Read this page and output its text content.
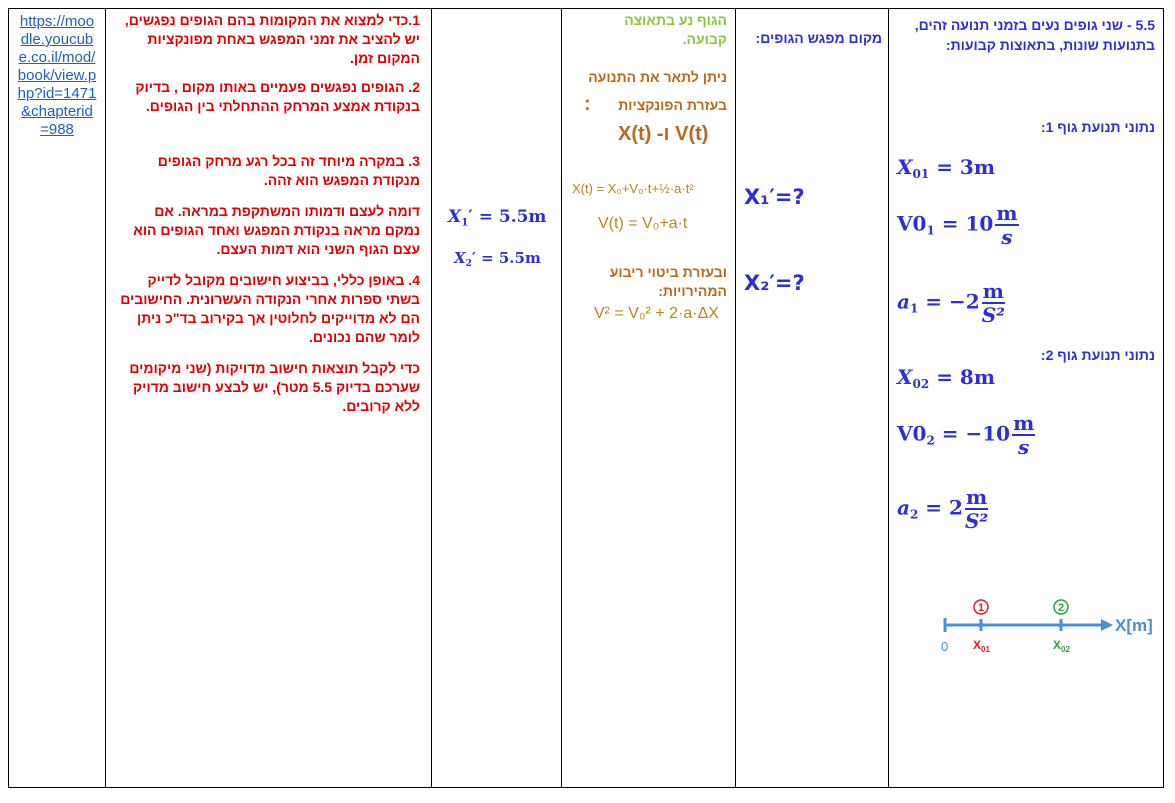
https://moodle.youcube.co.il/mod/book/view.php?id=1471&chapterid=988

1.כדי למצוא את המקומות בהם הגופים נפגשים, יש להציב את זמני המפגש באחת מפונקציות המקום זמן.

2. הגופים נפגשים פעמיים באותו מקום , בדיוק בנקודת אמצע המרחק ההתחלתי בין הגופים.

3. במקרה מיוחד זה בכל רגע מרחק הגופים מנקודת המפגש הוא זהה.

דומה לעצם ודמותו המשתקפת במראה. אם נמקם מראה בנקודת המפגש ואחד הגופים הוא עצם הגוף השני הוא דמות העצם.

4. באופן כללי, בביצוע חישובים מקובל לדייק בשתי ספרות אחרי הנקודה העשרונית. החישובים הם לא מדוייקים לחלוטין אך בקירוב בד"כ ניתן לומר שהם נכונים.

כדי לקבל תוצאות חישוב מדויקות (שני מיקומים שערכם בדיוק 5.5 מטר), יש לבצע חישוב מדויק ללא קרובים.

$X_1' = 5.5m$
$X_2' = 5.5m$

הגוף נע בתאוצה קבועה.
ניתן לתאר את התנועה
בעזרת הפונקציות
:
X(t) -ו V(t)
X(t) = X₀+V₀·t+½·a·t²
V(t) = V₀+a·t
ובעזרת ביטוי ריבוע המהירויות:
V² = V₀² + 2·a·ΔX

מקום מפגש הגופים:
X₁′=?
X₂′=?

5.5 - שני גופים נעים בזמני תנועה זהים, בתנועות שונות, בתאוצות קבועות:
נתוני תנועת גוף 1:
$X_{01} = 3m$
$V0_1 = 10 \frac{m}{s}$
$a_1 = -2 \frac{m}{\text{S²}}$
נתוני תנועת גוף 2:
$X_{02} = 8m$
$V0_2 = -10 \frac{m}{s}$
$a_2 = 2 \frac{m}{\text{S²}}$
1	2
X[m]
0 $X_{01}$	$X_{02}$
